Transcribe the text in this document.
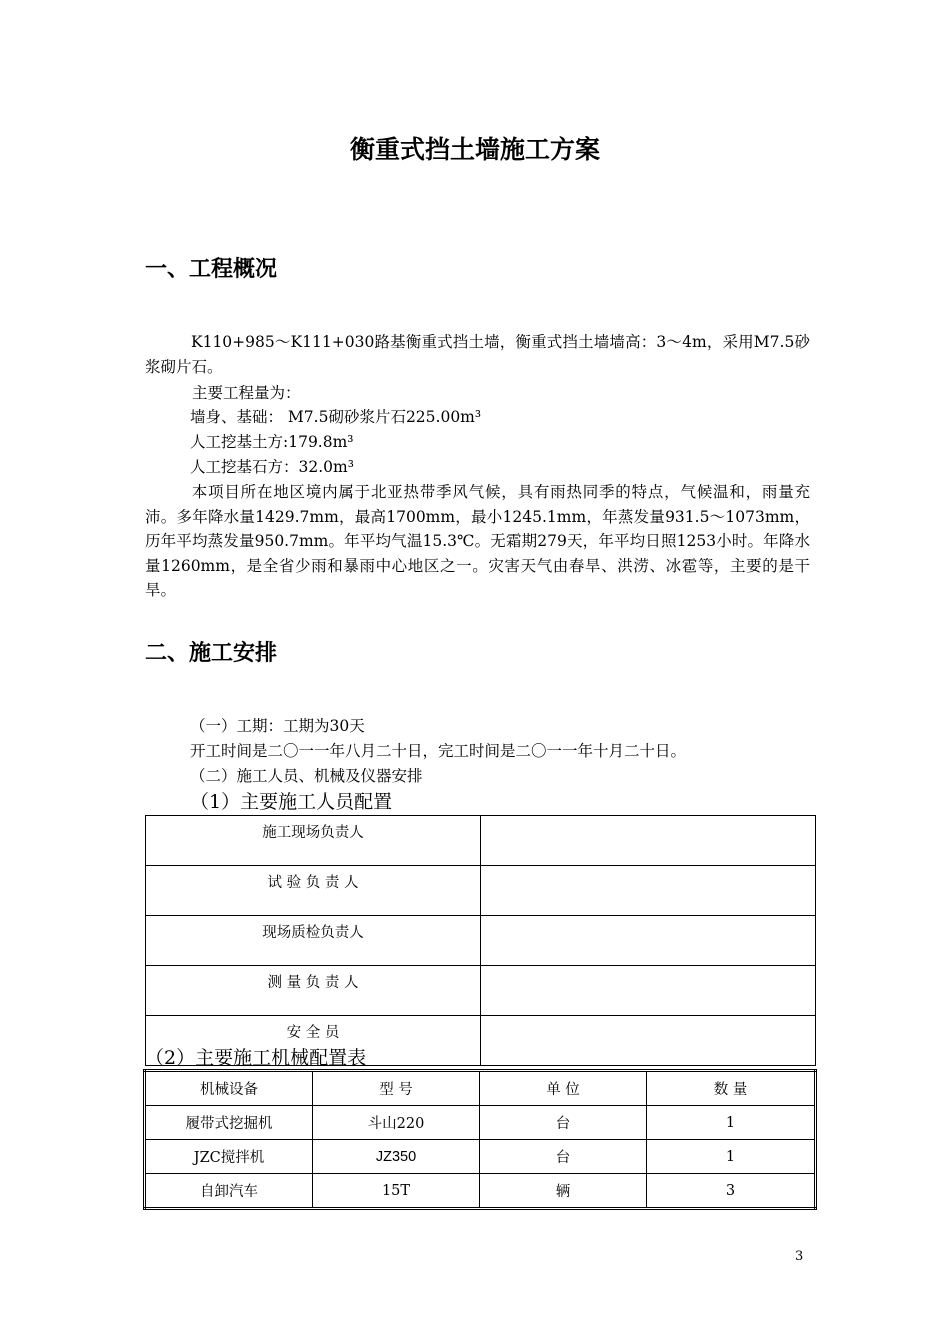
衡重式挡土墙施工方案
一、工程概况
K110+985～K111+030路基衡重式挡土墙，衡重式挡土墙墙高：3～4m，采用M7.5砂浆砌片石。
主要工程量为：
墙身、基础： M7.5砌砂浆片石225.00m³
人工挖基土方:179.8m³
人工挖基石方：32.0m³
本项目所在地区境内属于北亚热带季风气候，具有雨热同季的特点，气候温和，雨量充沛。多年降水量1429.7mm，最高1700mm，最小1245.1mm，年蒸发量931.5～1073mm，历年平均蒸发量950.7mm。年平均气温15.3℃。无霜期279天，年平均日照1253小时。年降水量1260mm，是全省少雨和暴雨中心地区之一。灾害天气由春旱、洪涝、冰雹等，主要的是干旱。
二、施工安排
（一）工期：工期为30天
开工时间是二〇一一年八月二十日，完工时间是二〇一一年十月二十日。
（二）施工人员、机械及仪器安排
（1）主要施工人员配置
施工现场负责人	
试 验 负 责 人	
现场质检负责人	
测 量 负 责 人	
安 全 员	
（2）主要施工机械配置表
机械设备	型 号	单 位	数 量
履带式挖掘机	斗山220	台	1
JZC搅拌机	JZ350	台	1
自卸汽车	15T	辆	3
3
